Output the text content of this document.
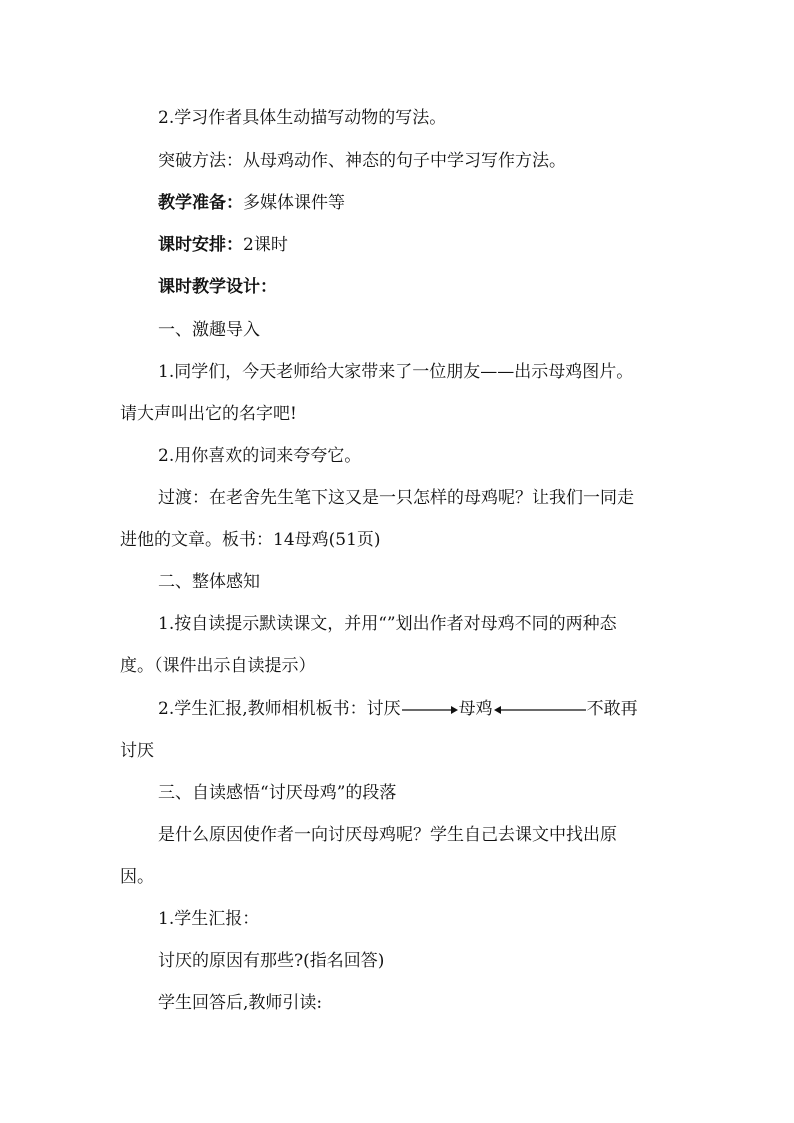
2.学习作者具体生动描写动物的写法。
突破方法：从母鸡动作、神态的句子中学习写作方法。
教学准备：多媒体课件等
课时安排：2课时
课时教学设计：
一、激趣导入
1.同学们，今天老师给大家带来了一位朋友——出示母鸡图片。
请大声叫出它的名字吧!
2.用你喜欢的词来夸夸它。
过渡：在老舍先生笔下这又是一只怎样的母鸡呢？让我们一同走
进他的文章。板书：14母鸡(51页)
二、整体感知
1.按自读提示默读课文，并用“”划出作者对母鸡不同的两种态
度。（课件出示自读提示）
2.学生汇报,教师相机板书：讨厌	母鸡	不敢再
讨厌
三、自读感悟“讨厌母鸡”的段落
是什么原因使作者一向讨厌母鸡呢？学生自己去课文中找出原
因。
1.学生汇报：
讨厌的原因有那些?(指名回答)
学生回答后,教师引读:
